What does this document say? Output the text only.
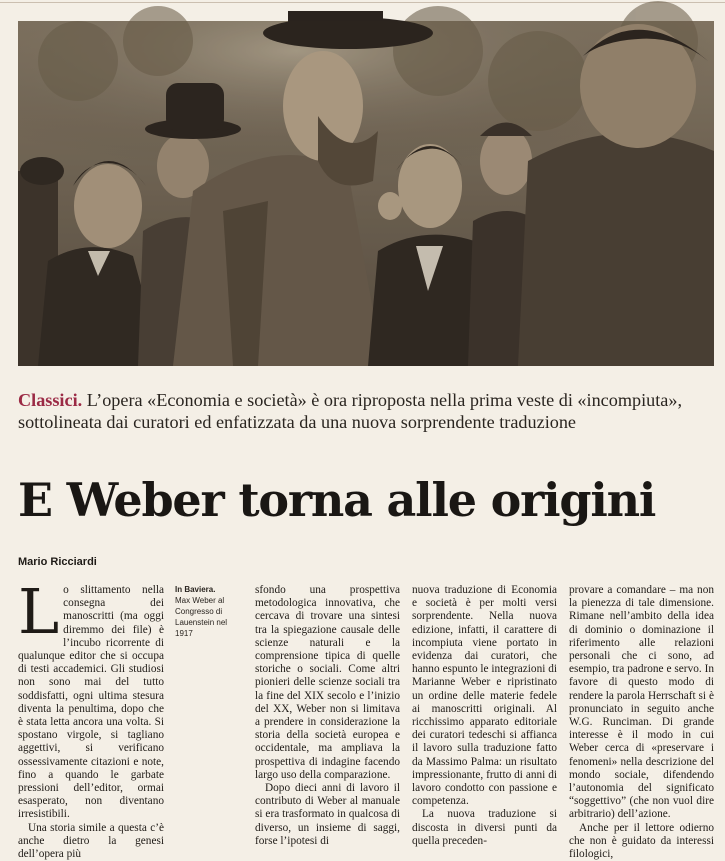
Classici. L’opera «Economia e società» è ora riproposta nella prima veste di «incompiuta», sottolineata dai curatori ed enfatizzata da una nuova sorprendente traduzione
E Weber torna alle origini
Mario Ricciardi

Lo slittamento nella consegna dei manoscritti (ma oggi diremmo dei file) è l’incubo ricorrente di qualunque editor che si occupa di testi accademici. Gli studiosi non sono mai del tutto soddisfatti, ogni ultima stesura diventa la penultima, dopo che è stata letta ancora una volta. Si spostano virgole, si tagliano aggettivi, si verificano ossessivamente citazioni e note, fino a quando le garbate pressioni dell’editor, ormai esasperato, non diventano irresistibili.

Una storia simile a questa c’è anche dietro la genesi dell’opera più

In Baviera.
Max Weber al Congresso di Lauenstein nel 1917

sfondo una prospettiva metodologica innovativa, che cercava di trovare una sintesi tra la spiegazione causale delle scienze naturali e la comprensione tipica di quelle storiche o sociali. Come altri pionieri delle scienze sociali tra la fine del XIX secolo e l’inizio del XX, Weber non si limitava a prendere in considerazione la storia della società europea e occidentale, ma ampliava la prospettiva di indagine facendo largo uso della comparazione.

Dopo dieci anni di lavoro il contributo di Weber al manuale si era trasformato in qualcosa di diverso, un insieme di saggi, forse l’ipotesi di

nuova traduzione di Economia e società è per molti versi sorprendente. Nella nuova edizione, infatti, il carattere di incompiuta viene portato in evidenza dai curatori, che hanno espunto le integrazioni di Marianne Weber e ripristinato un ordine delle materie fedele ai manoscritti originali. Al ricchissimo apparato editoriale dei curatori tedeschi si affianca il lavoro sulla traduzione fatto da Massimo Palma: un risultato impressionante, frutto di anni di lavoro condotto con passione e competenza.

La nuova traduzione si discosta in diversi punti da quella preceden-

provare a comandare – ma non la pienezza di tale dimensione. Rimane nell’ambito della idea di dominio o dominazione il riferimento alle relazioni personali che ci sono, ad esempio, tra padrone e servo. In favore di questo modo di rendere la parola Herrschaft si è pronunciato in seguito anche W.G. Runciman. Di grande interesse è il modo in cui Weber cerca di «preservare i fenomeni» nella descrizione del mondo sociale, difendendo l’autonomia del significato “soggettivo” (che non vuol dire arbitrario) dell’azione.

Anche per il lettore odierno che non è guidato da interessi filologici,
